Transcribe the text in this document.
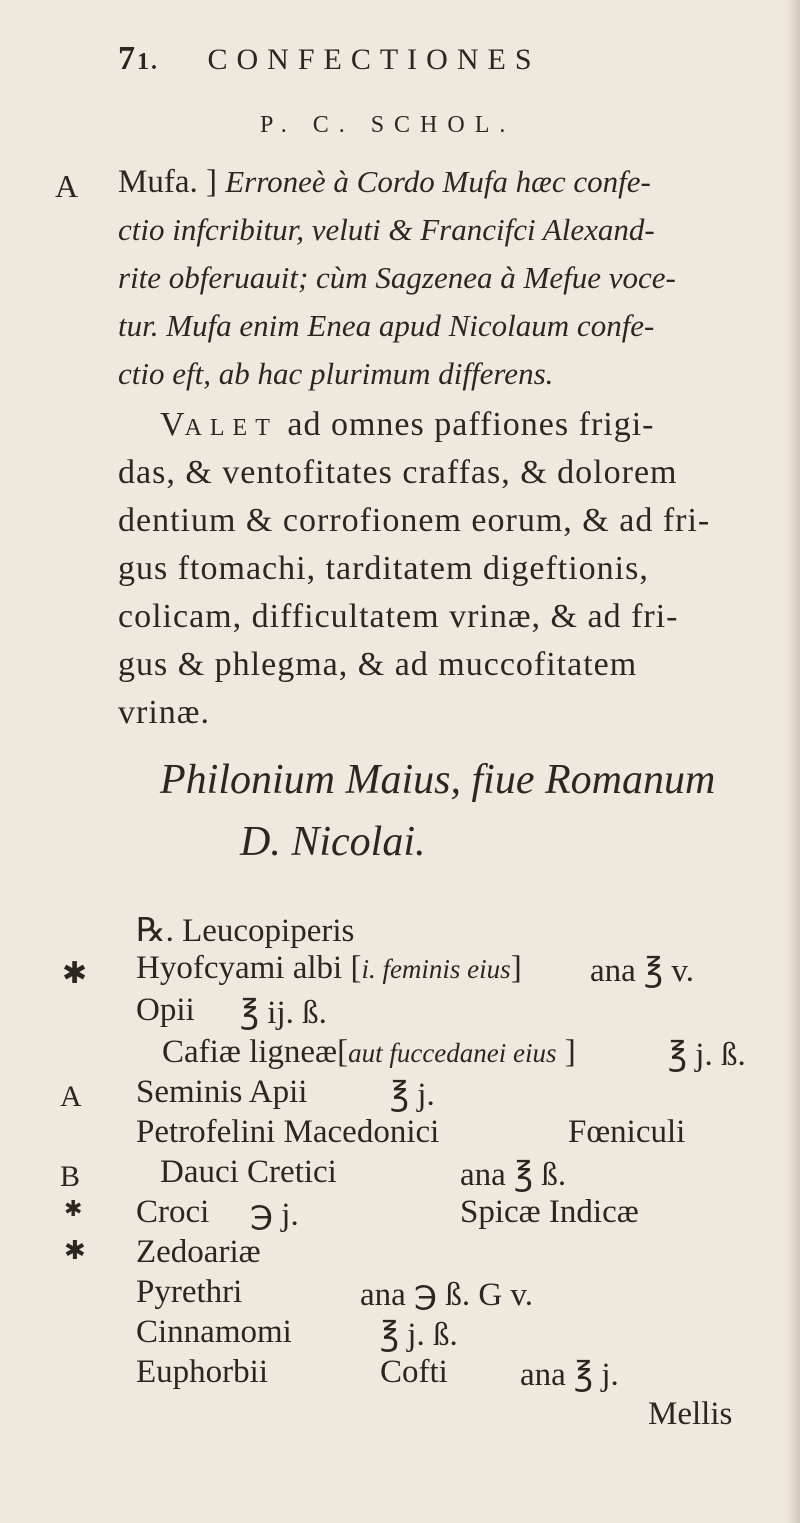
71. CONFECTIONES
P. C. SCHOL.
A Mufa. ] Erroneè à Cordo Mufa hæc confe-
ctio infcribitur, veluti & Francifci Alexand-
rite obferuauit; cùm Sagzenea à Mefue voce-
tur. Mufa enim Enea apud Nicolaum confe-
ctio eft, ab hac plurimum differens.
VALET ad omnes paffiones frigi-
das, & ventofitates craffas, & dolorem
dentium & corrofionem eorum, & ad fri-
gus ftomachi, tarditatem digeftionis,
colicam, difficultatem vrinæ, & ad fri-
gus & phlegma, & ad muccofitatem
vrinæ.
Philonium Maius, fiue Romanum
D. Nicolai.
℞. Leucopiperis
✱ Hyofcyami albi [i. feminis eius] ana ℥ v.
Opii ℥ ij. ß.
Cafiæ ligneæ[aut fuccedanei eius ]	℥ j. ß.
A Seminis Apii	℥ j.
Petrofelini Macedonici	Fœniculi
B Dauci Cretici	ana ℥ ß.
✱ Croci ℈ j.	Spicæ Indicæ
✱ Zedoariæ
Pyrethri	ana ℈ ß. G v.
Cinnamomi	℥ j. ß.
Euphorbii	Cofti ana ℥ j.
Mellis
